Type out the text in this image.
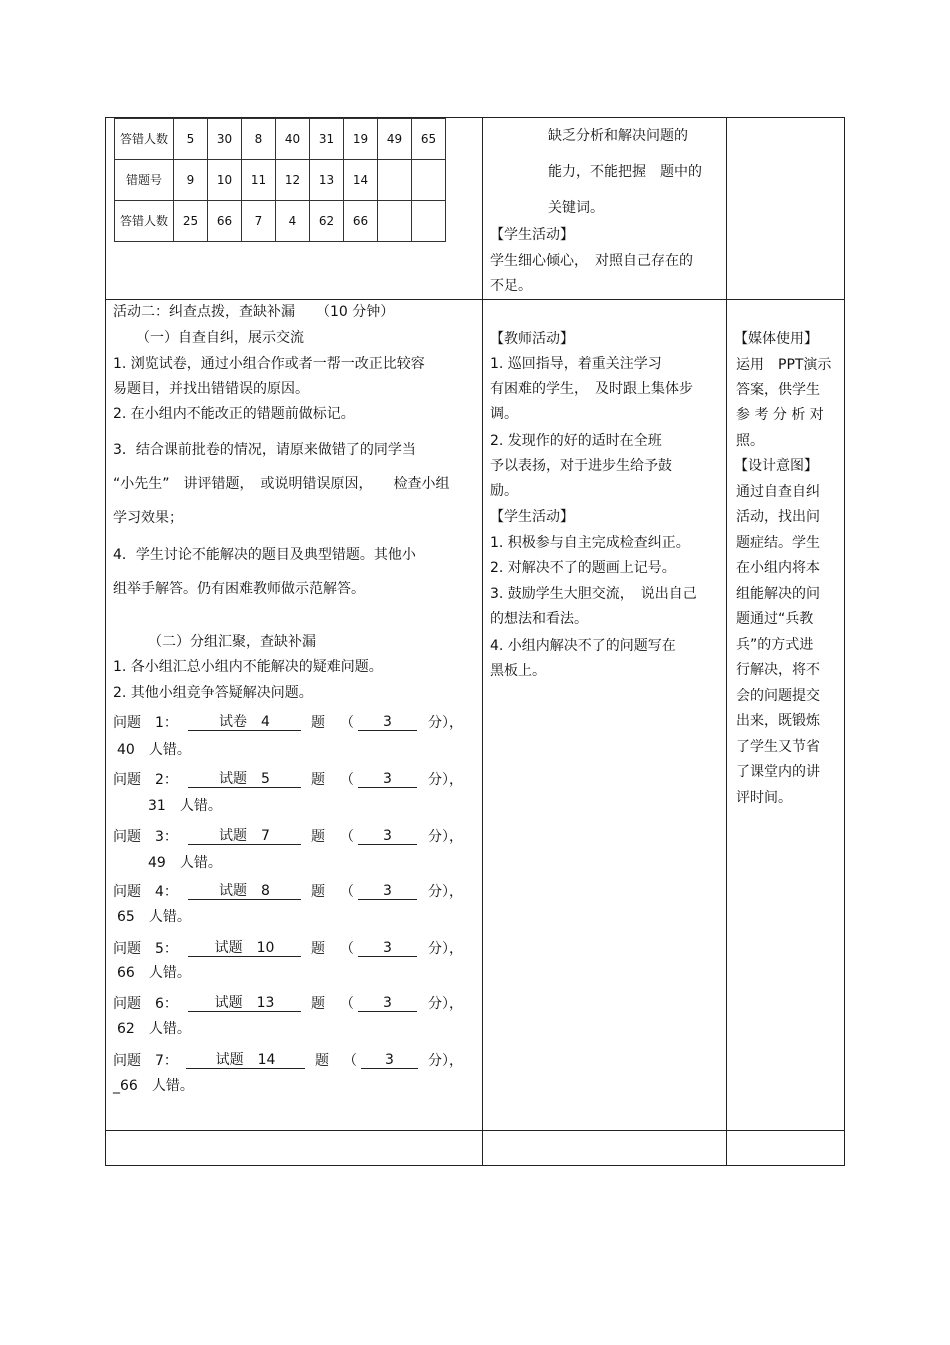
答错人数	5	30	8	40	31	19	49	65
错题号	9	10	11	12	13	14		
答错人数	25	66	7	4	62	66		
缺乏分析和解决问题的
能力，不能把握　题中的
关键词。
【学生活动】
学生细心倾心，　对照自己存在的
不足。
活动二：纠查点拨，查缺补漏　　（10 分钟）
（一）自查自纠，展示交流
1. 浏览试卷，通过小组合作或者一帮一改正比较容
易题目，并找出错错误的原因。
2. 在小组内不能改正的错题前做标记。
3．结合课前批卷的情况，请原来做错了的同学当
“小先生”　讲评错题，　或说明错误原因，　　检查小组
学习效果；
4．学生讨论不能解决的题目及典型错题。其他小
组举手解答。仍有困难教师做示范解答。
（二）分组汇聚，查缺补漏
1. 各小组汇总小组内不能解决的疑难问题。
2. 其他小组竞争答疑解决问题。
问题　1：	试卷　4	题 （	3	分），
40　人错。
问题　2：	试题　5	题 （	3	分），
31　人错。
问题　3：	试题　7	题 （	3	分），
49　人错。
问题　4：	试题　8	题 （	3	分），
65　人错。
问题　5：	试题　10	题 （	3	分），
66　人错。
问题　6：	试题　13	题 （	3	分），
62　人错。
问题　7：	试题　14	题 （	3	分），
_66　人错。
【教师活动】
1. 巡回指导，着重关注学习
有困难的学生，　及时跟上集体步
调。
2. 发现作的好的适时在全班
予以表扬，对于进步生给予鼓
励。
【学生活动】
1. 积极参与自主完成检查纠正。
2. 对解决不了的题画上记号。
3. 鼓励学生大胆交流，　说出自己
的想法和看法。
4. 小组内解决不了的问题写在
黑板上。
【媒体使用】
运用　PPT演示
答案，供学生
参 考 分 析 对
照。
【设计意图】
通过自查自纠
活动，找出问
题症结。学生
在小组内将本
组能解决的问
题通过“兵教
兵”的方式进
行解决，将不
会的问题提交
出来，既锻炼
了学生又节省
了课堂内的讲
评时间。
